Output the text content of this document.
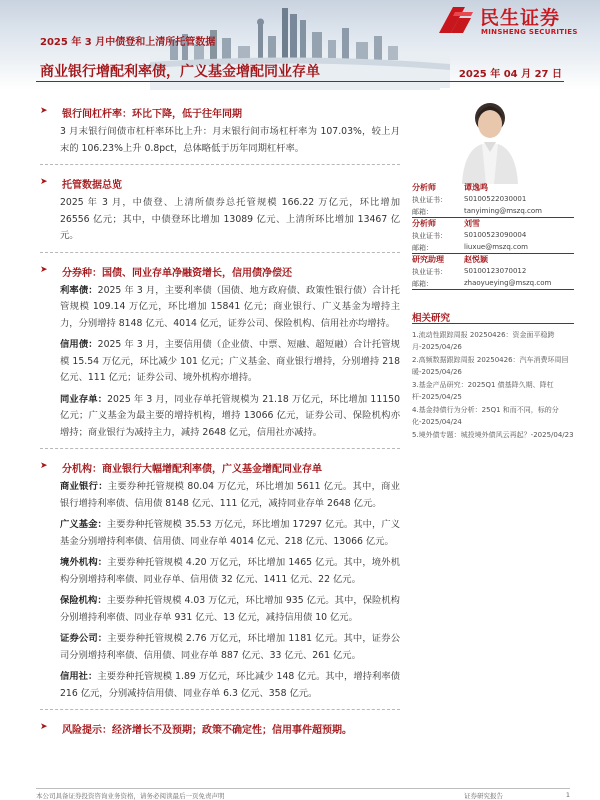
民生证券
MINSHENG SECURITIES
2025 年 3 月中债登和上清所托管数据
商业银行增配利率债，广义基金增配同业存单	2025 年 04 月 27 日
➤ 银行间杠杆率：环比下降，低于往年同期

3 月末银行间债市杠杆率环比上升：月末银行间市场杠杆率为 107.03%，较上月末的 106.23%上升 0.8pct，总体略低于历年同期杠杆率。

➤ 托管数据总览

2025 年 3 月，中债登、上清所债券总托管规模 166.22 万亿元，环比增加 26556 亿元；其中，中债登环比增加 13089 亿元、上清所环比增加 13467 亿元。

➤ 分券种：国债、同业存单净融资增长，信用债净偿还

利率债：2025 年 3 月，主要利率债（国债、地方政府债、政策性银行债）合计托管规模 109.14 万亿元，环比增加 15841 亿元；商业银行、广义基金为增持主力，分别增持 8148 亿元、4014 亿元，证券公司、保险机构、信用社亦均增持。

信用债：2025 年 3 月，主要信用债（企业债、中票、短融、超短融）合计托管规模 15.54 万亿元，环比减少 101 亿元；广义基金、商业银行增持，分别增持 218 亿元、111 亿元；证券公司、境外机构亦增持。

同业存单：2025 年 3 月，同业存单托管规模为 21.18 万亿元，环比增加 11150 亿元；广义基金为最主要的增持机构，增持 13066 亿元，证券公司、保险机构亦增持；商业银行为减持主力，减持 2648 亿元，信用社亦减持。

➤ 分机构：商业银行大幅增配利率债，广义基金增配同业存单

商业银行：主要券种托管规模 80.04 万亿元，环比增加 5611 亿元。其中，商业银行增持利率债、信用债 8148 亿元、111 亿元，减持同业存单 2648 亿元。

广义基金：主要券种托管规模 35.53 万亿元，环比增加 17297 亿元。其中，广义基金分别增持利率债、信用债、同业存单 4014 亿元、218 亿元、13066 亿元。

境外机构：主要券种托管规模 4.20 万亿元，环比增加 1465 亿元。其中，境外机构分别增持利率债、同业存单、信用债 32 亿元、1411 亿元、22 亿元。

保险机构：主要券种托管规模 4.03 万亿元，环比增加 935 亿元。其中，保险机构分别增持利率债、同业存单 931 亿元、13 亿元，减持信用债 10 亿元。

证券公司：主要券种托管规模 2.76 万亿元，环比增加 1181 亿元。其中，证券公司分别增持利率债、信用债、同业存单 887 亿元、33 亿元、261 亿元。

信用社：主要券种托管规模 1.89 万亿元，环比减少 148 亿元。其中，增持利率债 216 亿元，分别减持信用债、同业存单 6.3 亿元、358 亿元。

➤ 风险提示：经济增长不及预期；政策不确定性；信用事件超预期。
分析师	谭逸鸣
执业证书： S0100522030001
邮箱：	tanyiming@mszq.com
分析师	刘雪
执业证书： S0100523090004
邮箱：	liuxue@mszq.com
研究助理	赵悦颖
执业证书： S0100123070012
邮箱：	zhaoyueying@mszq.com
相关研究
1.流动性跟踪周报 20250426：资金面平稳跨月-2025/04/26
2.高频数据跟踪周报 20250426：汽车消费环周回暖-2025/04/26
3.基金产品研究：2025Q1 债基降久期、降杠杆-2025/04/25
4.基金持债行为分析：25Q1 和而不同，标的分化-2025/04/24
5.境外债专题：城投境外债风云再起？-2025/04/23
本公司具备证券投资咨询业务资格，请务必阅读最后一页免责声明	证券研究报告	1
